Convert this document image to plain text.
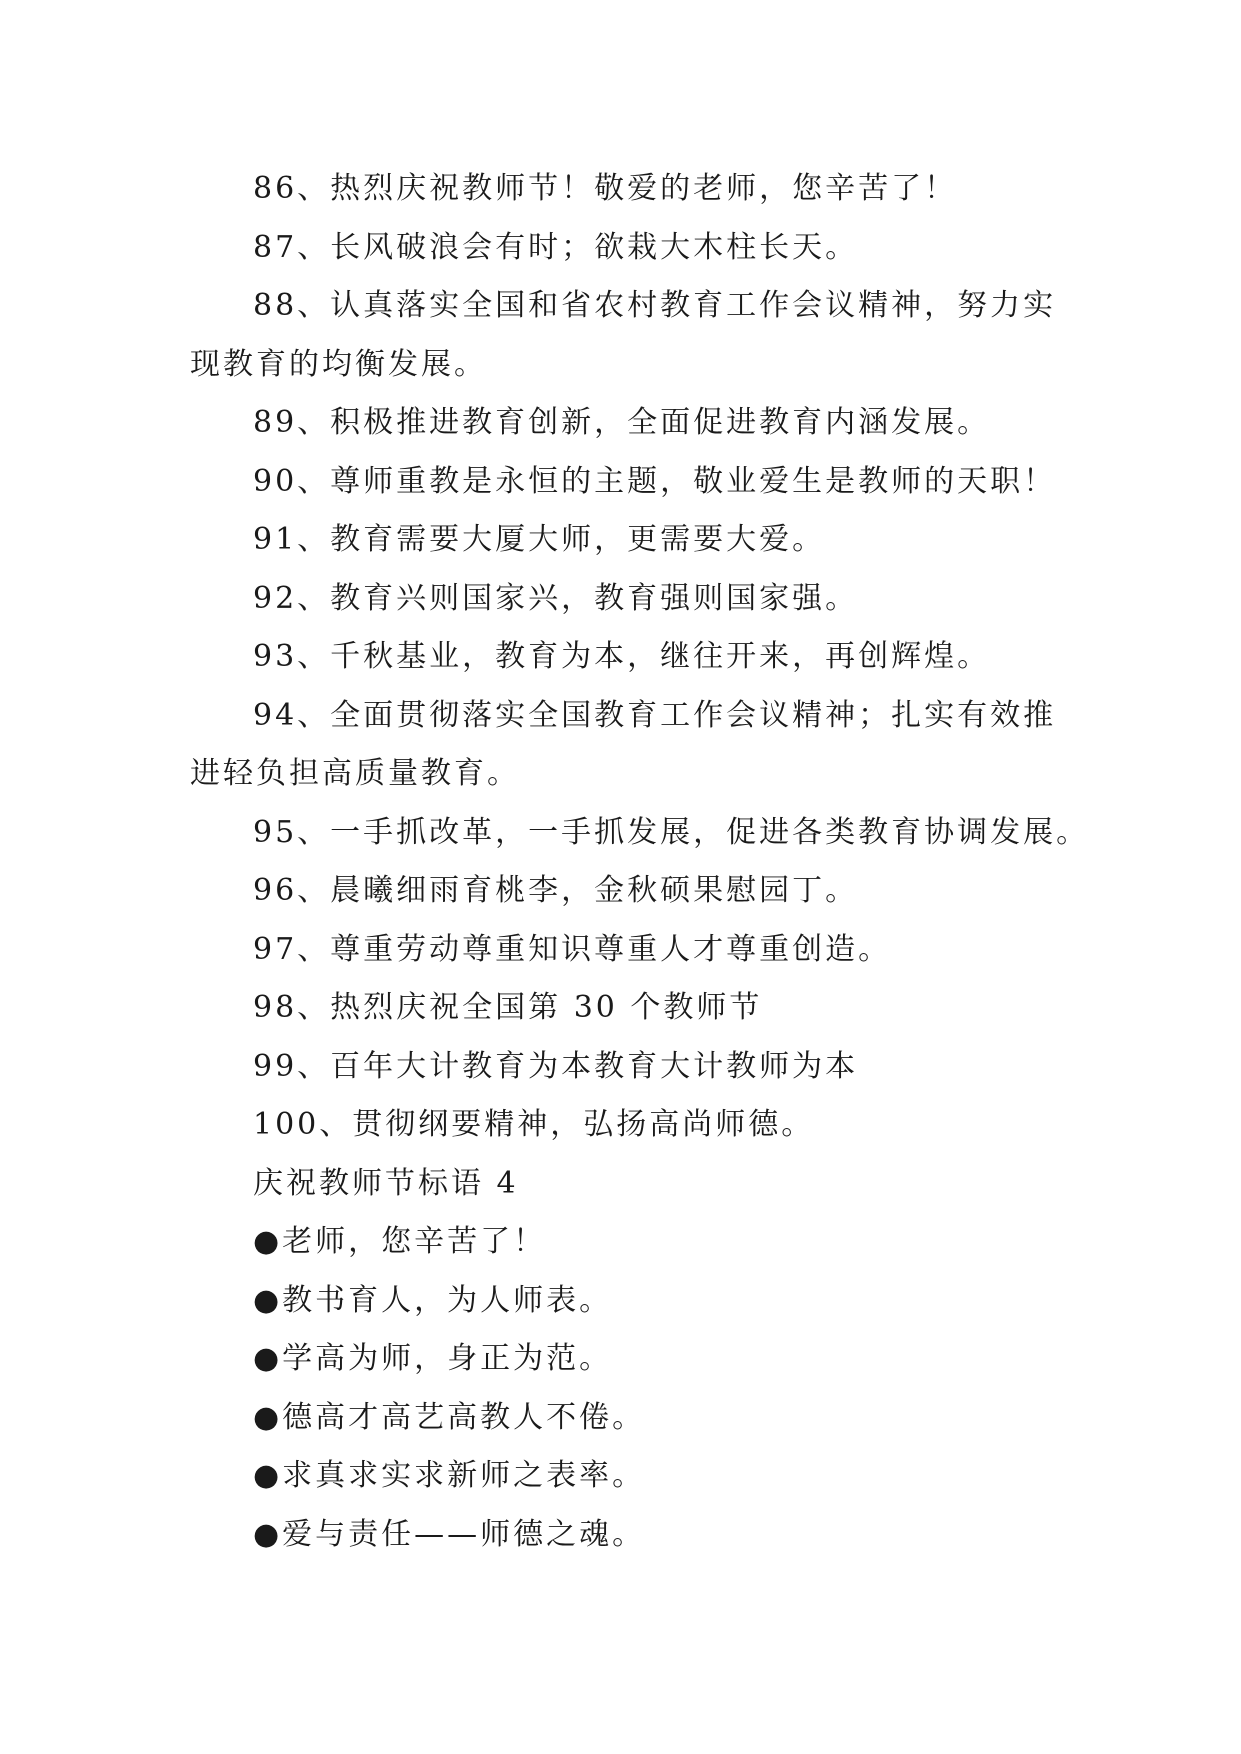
86、热烈庆祝教师节！敬爱的老师，您辛苦了！

87、长风破浪会有时；欲栽大木柱长天。

88、认真落实全国和省农村教育工作会议精神，努力实

现教育的均衡发展。

89、积极推进教育创新，全面促进教育内涵发展。

90、尊师重教是永恒的主题，敬业爱生是教师的天职！

91、教育需要大厦大师，更需要大爱。

92、教育兴则国家兴，教育强则国家强。

93、千秋基业，教育为本，继往开来，再创辉煌。

94、全面贯彻落实全国教育工作会议精神；扎实有效推

进轻负担高质量教育。

95、一手抓改革，一手抓发展，促进各类教育协调发展。

96、晨曦细雨育桃李，金秋硕果慰园丁。

97、尊重劳动尊重知识尊重人才尊重创造。

98、热烈庆祝全国第 30 个教师节

99、百年大计教育为本教育大计教师为本

100、贯彻纲要精神，弘扬高尚师德。

庆祝教师节标语 4

●老师，您辛苦了！

●教书育人，为人师表。

●学高为师，身正为范。

●德高才高艺高教人不倦。

●求真求实求新师之表率。

●爱与责任——师德之魂。
